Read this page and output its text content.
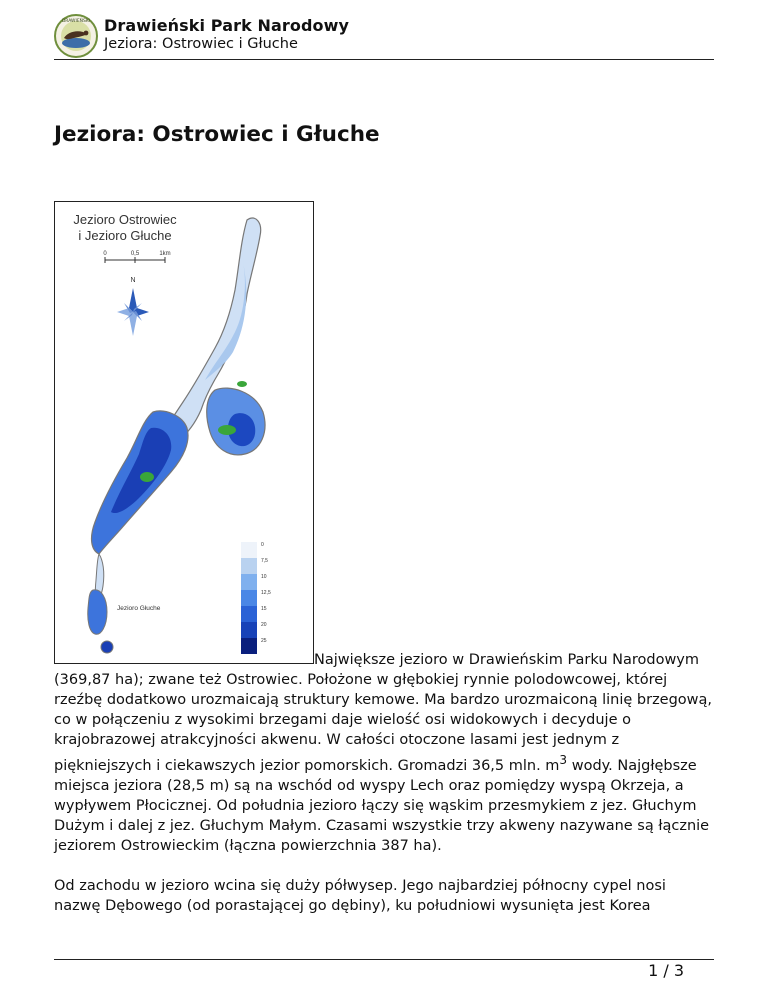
DRAWIEŃSKI Drawieński Park Narodowy
Jeziora: Ostrowiec i Głuche
Jeziora: Ostrowiec i Głuche
Jezioro Ostrowiec
i Jezioro Głuche
0	0,5	1km
N
Jezioro Głuche
0
7,5
10
12,5
15
20
25

Największe jezioro w Drawieńskim Parku Narodowym (369,87 ha); zwane też Ostrowiec. Położone w głębokiej rynnie polodowcowej, której rzeźbę dodatkowo urozmaicają struktury kemowe. Ma bardzo urozmaiconą linię brzegową, co w połączeniu z wysokimi brzegami daje wielość osi widokowych i decyduje o krajobrazowej atrakcyjności akwenu. W całości otoczone lasami jest jednym z piękniejszych i ciekawszych jezior pomorskich. Gromadzi 36,5 mln. $m^3$ wody. Najgłębsze miejsca jeziora (28,5 m) są na wschód od wyspy Lech oraz pomiędzy wyspą Okrzeja, a wypływem Płocicznej. Od południa jezioro łączy się wąskim przesmykiem z jez. Głuchym Dużym i dalej z jez. Głuchym Małym. Czasami wszystkie trzy akweny nazywane są łącznie jeziorem Ostrowieckim (łączna powierzchnia 387 ha).

Od zachodu w jezioro wcina się duży półwysep. Jego najbardziej północny cypel nosi nazwę Dębowego (od porastającej go dębiny), ku południowi wysunięta jest Korea

1 / 3
